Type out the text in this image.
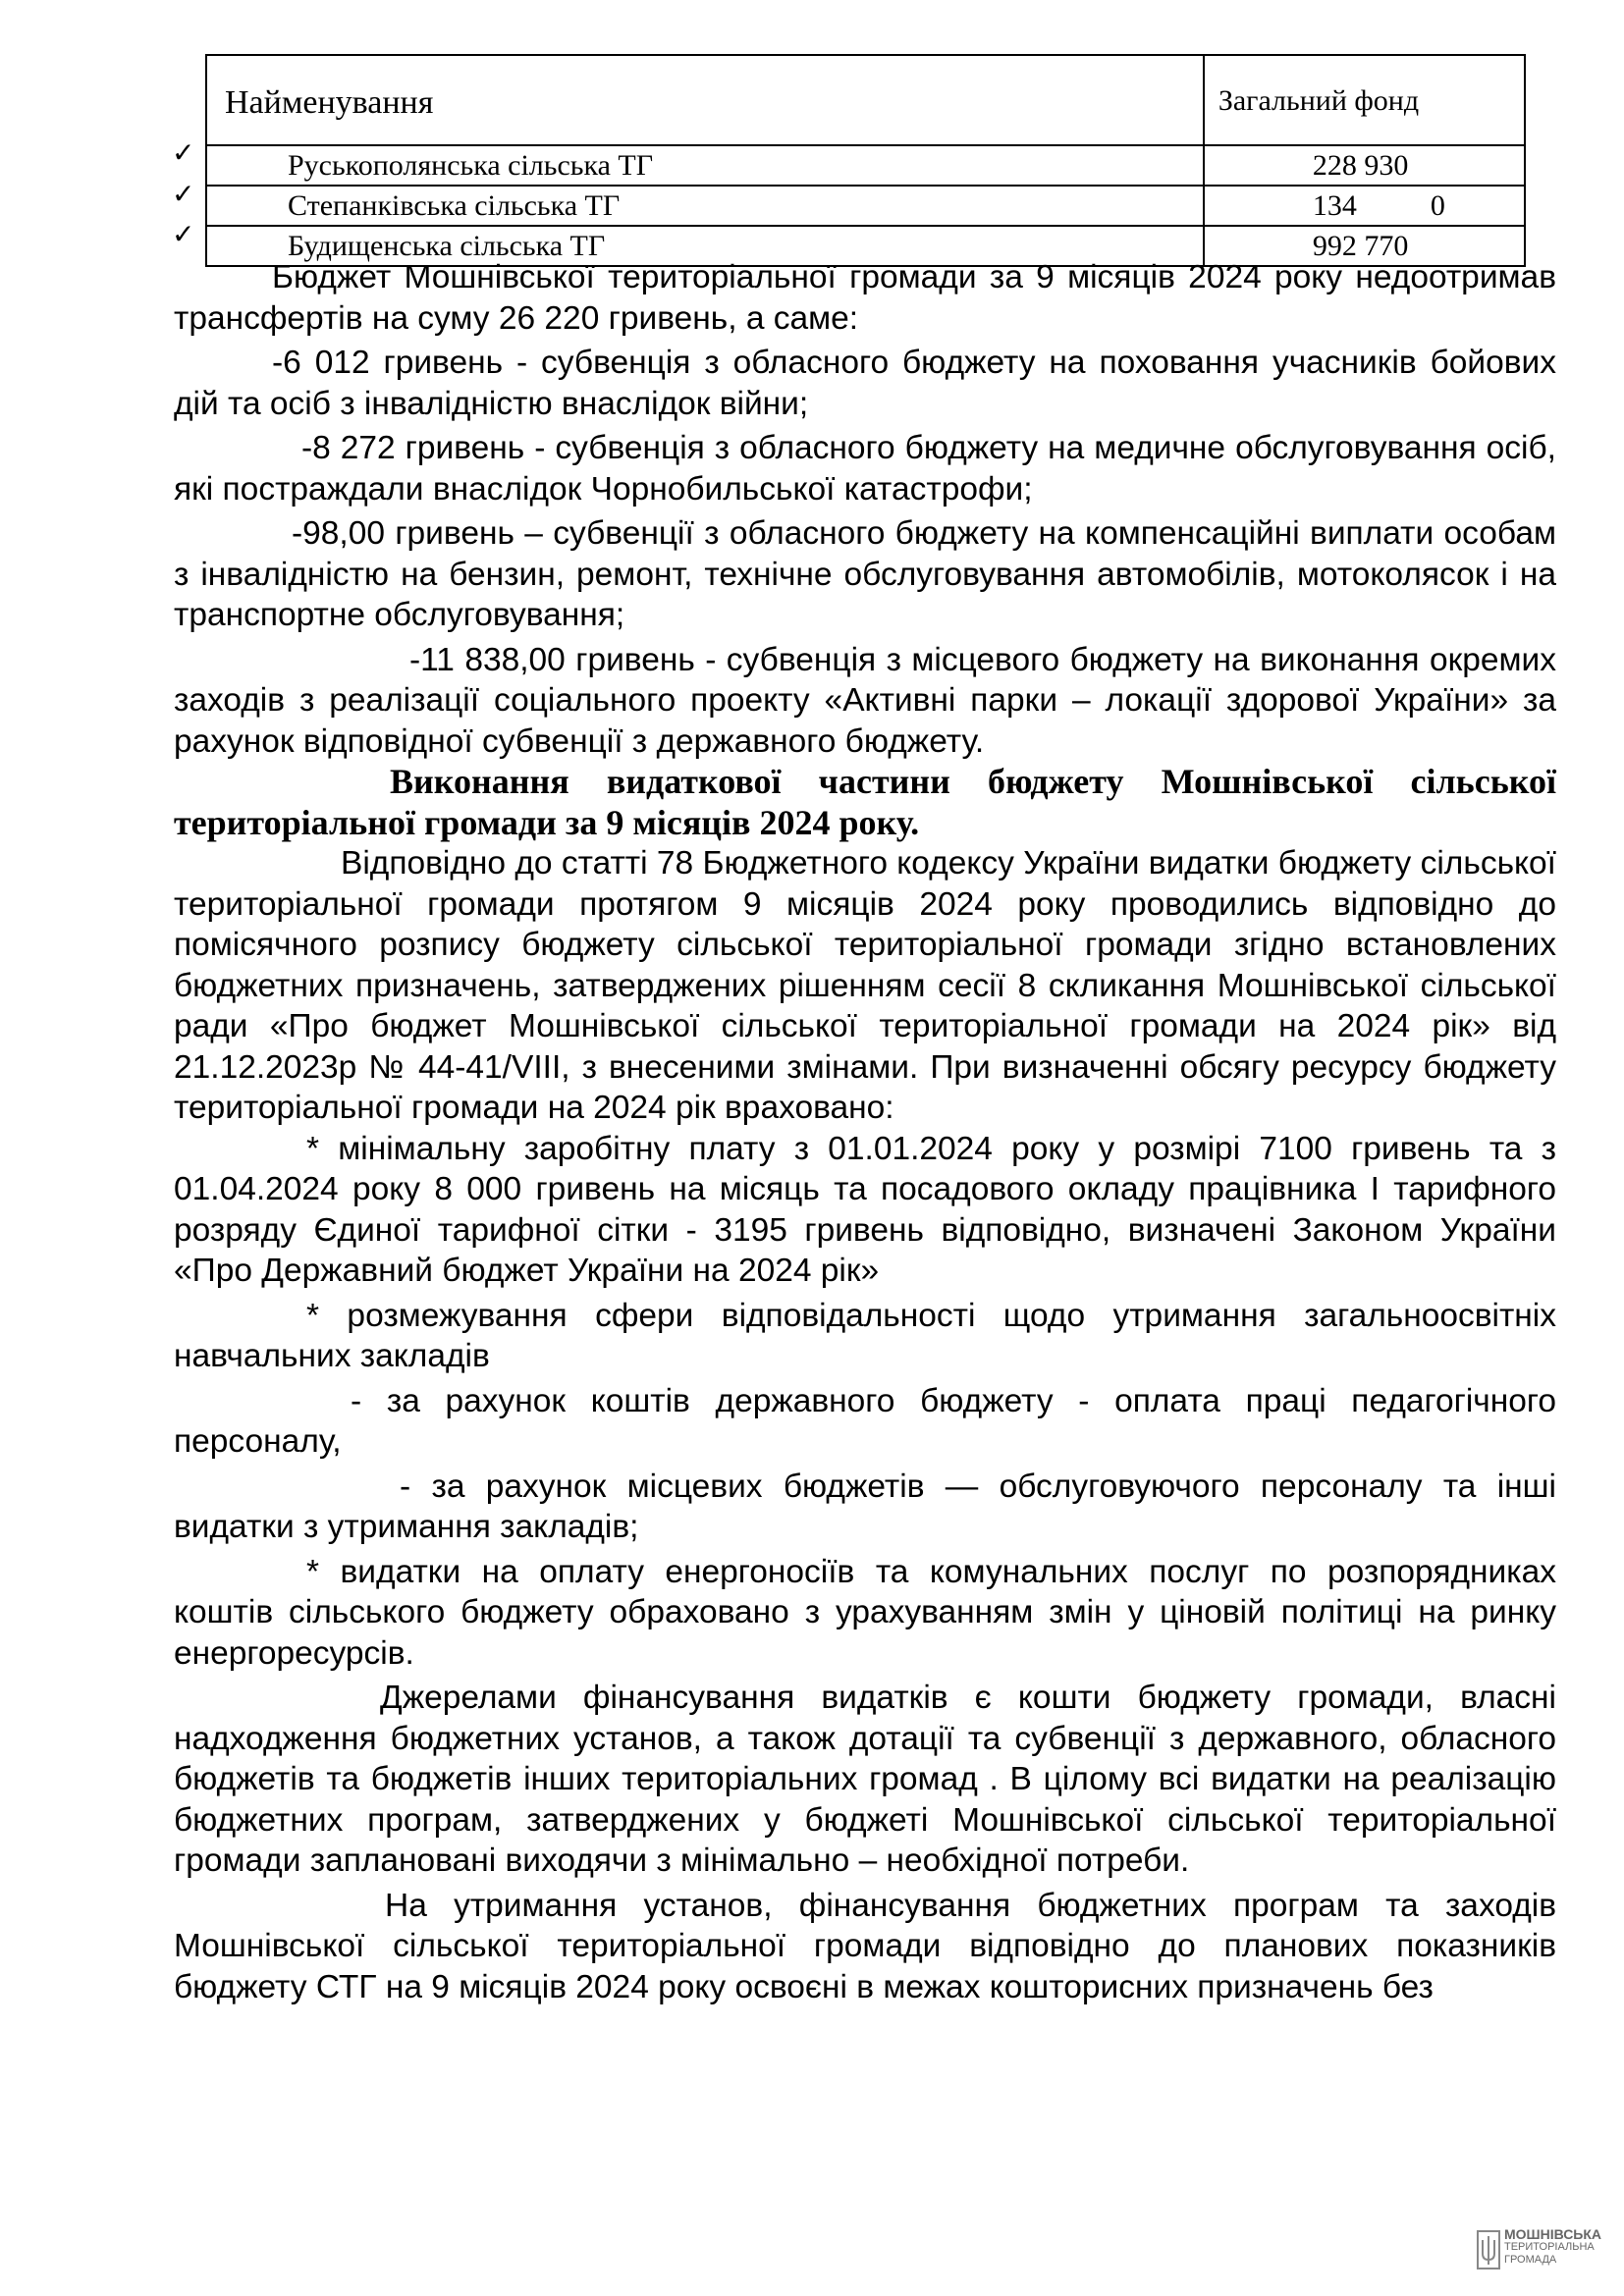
✓
✓
✓
Найменування	Загальний фонд
Руськополянська сільська ТГ	228 930
Степанківська сільська ТГ	134          0
Будищенська сільська ТГ	992 770

Бюджет Мошнівської територіальної громади за 9 місяців 2024 року недоотримав трансфертів на суму 26 220 гривень, а саме:

-6 012 гривень - субвенція з обласного бюджету на поховання учасників бойових дій та осіб з інвалідністю внаслідок війни;

-8 272 гривень - субвенція з обласного бюджету на медичне обслуговування осіб, які постраждали внаслідок Чорнобильської катастрофи;

-98,00 гривень – субвенції з обласного бюджету на компенсаційні виплати особам з інвалідністю на бензин, ремонт, технічне обслуговування автомобілів, мотоколясок і на транспортне обслуговування;

-11 838,00 гривень - субвенція з місцевого бюджету на виконання окремих заходів з реалізації соціального проекту «Активні парки – локації здорової України» за рахунок відповідної субвенції з державного бюджету.

Виконання видаткової частини бюджету Мошнівської сільської територіальної громади за 9 місяців 2024 року.

Відповідно до статті 78 Бюджетного кодексу України видатки бюджету сільської територіальної громади протягом 9 місяців 2024 року проводились відповідно до помісячного розпису бюджету сільської територіальної громади згідно встановлених бюджетних призначень, затверджених рішенням сесії 8 скликання Мошнівської сільської ради «Про бюджет Мошнівської сільської територіальної громади на 2024 рік» від 21.12.2023р № 44-41/VIII, з внесеними змінами. При визначенні обсягу ресурсу бюджету територіальної громади на 2024 рік враховано:

* мінімальну заробітну плату з 01.01.2024 року у розмірі 7100 гривень та з 01.04.2024 року 8 000 гривень на місяць та посадового окладу працівника І тарифного розряду Єдиної тарифної сітки - 3195 гривень відповідно, визначені Законом України «Про Державний бюджет України на 2024 рік»

* розмежування сфери відповідальності щодо утримання загальноосвітніх навчальних закладів

- за рахунок коштів державного бюджету - оплата праці педагогічного персоналу,

- за рахунок місцевих бюджетів — обслуговуючого персоналу та інші видатки з утримання закладів;

* видатки на оплату енергоносіїв та комунальних послуг по розпорядниках коштів сільського бюджету обраховано з урахуванням змін у ціновій політиці на ринку енергоресурсів.

Джерелами фінансування видатків є кошти бюджету громади, власні надходження бюджетних установ, а також дотації та субвенції з державного, обласного бюджетів та бюджетів інших територіальних громад . В цілому всі видатки на реалізацію бюджетних програм, затверджених у бюджеті Мошнівської сільської територіальної громади заплановані виходячи з мінімально – необхідної потреби.

На утримання установ, фінансування бюджетних програм та заходів Мошнівської сільської територіальної громади відповідно до планових показників бюджету СТГ на 9 місяців 2024 року освоєні в межах кошторисних призначень без

МОШНІВСЬКА
ТЕРИТОРІАЛЬНА
ГРОМАДА
